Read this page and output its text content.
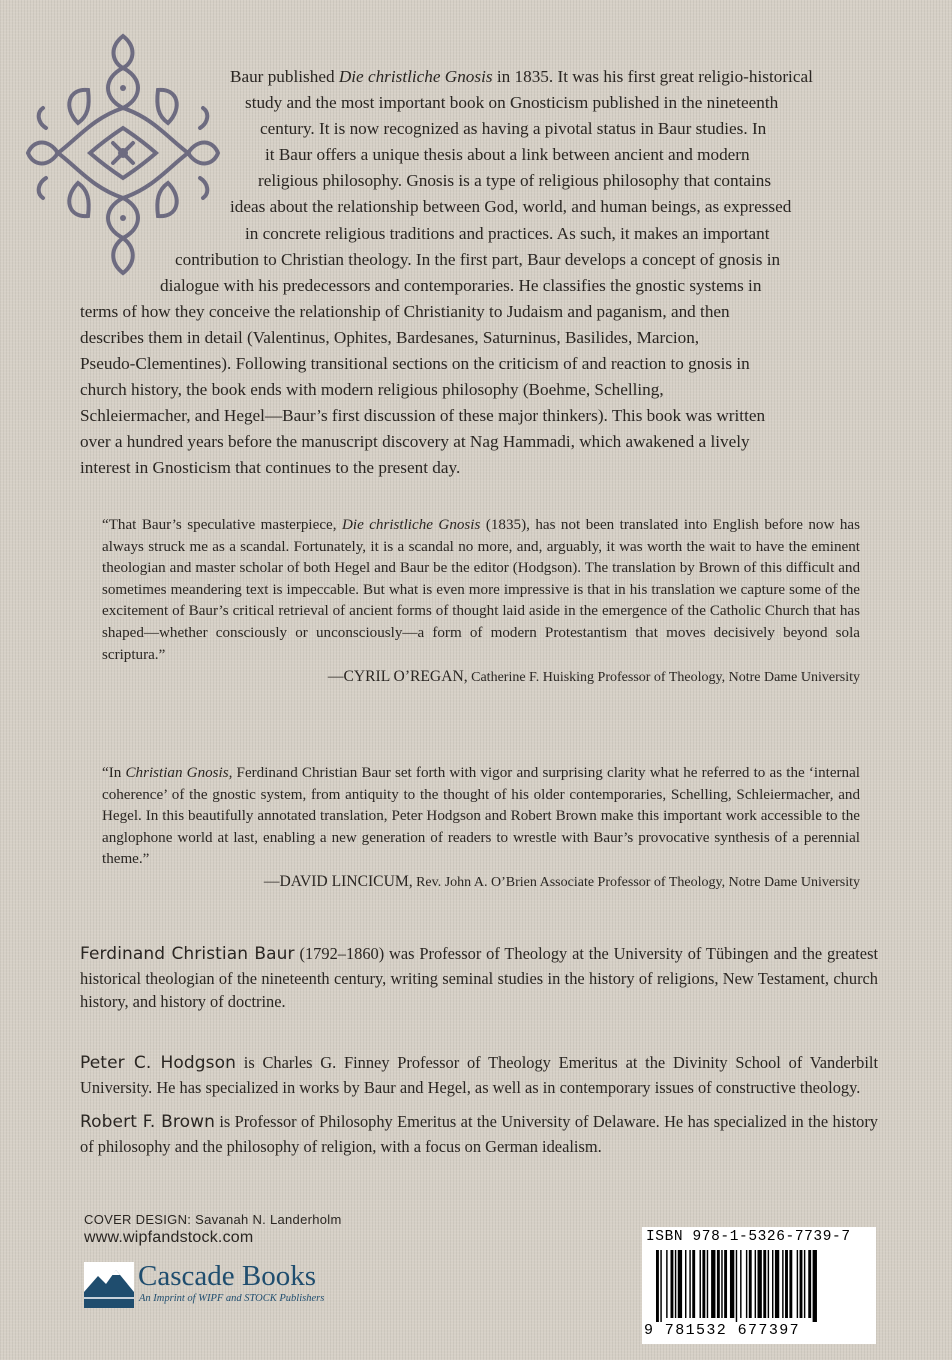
Baur published Die christliche Gnosis in 1835. It was his first great religio-historical
study and the most important book on Gnosticism published in the nineteenth
century. It is now recognized as having a pivotal status in Baur studies. In
it Baur offers a unique thesis about a link between ancient and modern
religious philosophy. Gnosis is a type of religious philosophy that contains
ideas about the relationship between God, world, and human beings, as expressed
in concrete religious traditions and practices. As such, it makes an important
contribution to Christian theology. In the first part, Baur develops a concept of gnosis in
dialogue with his predecessors and contemporaries. He classifies the gnostic systems in
terms of how they conceive the relationship of Christianity to Judaism and paganism, and then
describes them in detail (Valentinus, Ophites, Bardesanes, Saturninus, Basilides, Marcion,
Pseudo-Clementines). Following transitional sections on the criticism of and reaction to gnosis in
church history, the book ends with modern religious philosophy (Boehme, Schelling,
Schleiermacher, and Hegel—Baur’s first discussion of these major thinkers). This book was written
over a hundred years before the manuscript discovery at Nag Hammadi, which awakened a lively
interest in Gnosticism that continues to the present day.
“That Baur’s speculative masterpiece, Die christliche Gnosis (1835), has not been translated into English before now has always struck me as a scandal. Fortunately, it is a scandal no more, and, arguably, it was worth the wait to have the eminent theologian and master scholar of both Hegel and Baur be the editor (Hodgson). The translation by Brown of this difficult and sometimes meandering text is impeccable. But what is even more impressive is that in his translation we capture some of the excitement of Baur’s critical retrieval of ancient forms of thought laid aside in the emergence of the Catholic Church that has shaped—whether consciously or unconsciously—a form of modern Protestantism that moves decisively beyond sola scriptura.”
—CYRIL O’REGAN, Catherine F. Huisking Professor of Theology, Notre Dame University
“In Christian Gnosis, Ferdinand Christian Baur set forth with vigor and surprising clarity what he referred to as the ‘internal coherence’ of the gnostic system, from antiquity to the thought of his older contemporaries, Schelling, Schleiermacher, and Hegel. In this beautifully annotated translation, Peter Hodgson and Robert Brown make this important work accessible to the anglophone world at last, enabling a new generation of readers to wrestle with Baur’s provocative synthesis of a perennial theme.”
—DAVID LINCICUM, Rev. John A. O’Brien Associate Professor of Theology, Notre Dame University
Ferdinand Christian Baur (1792–1860) was Professor of Theology at the University of Tübingen and the greatest historical theologian of the nineteenth century, writing seminal studies in the history of religions, New Testament, church history, and history of doctrine.
Peter C. Hodgson is Charles G. Finney Professor of Theology Emeritus at the Divinity School of Vanderbilt University. He has specialized in works by Baur and Hegel, as well as in contemporary issues of constructive theology.
Robert F. Brown is Professor of Philosophy Emeritus at the University of Delaware. He has specialized in the history of philosophy and the philosophy of religion, with a focus on German idealism.
COVER DESIGN: Savanah N. Landerholm
www.wipfandstock.com
Cascade Books
An Imprint of WIPF and STOCK Publishers
ISBN 978-1-5326-7739-7
9 781532 677397
